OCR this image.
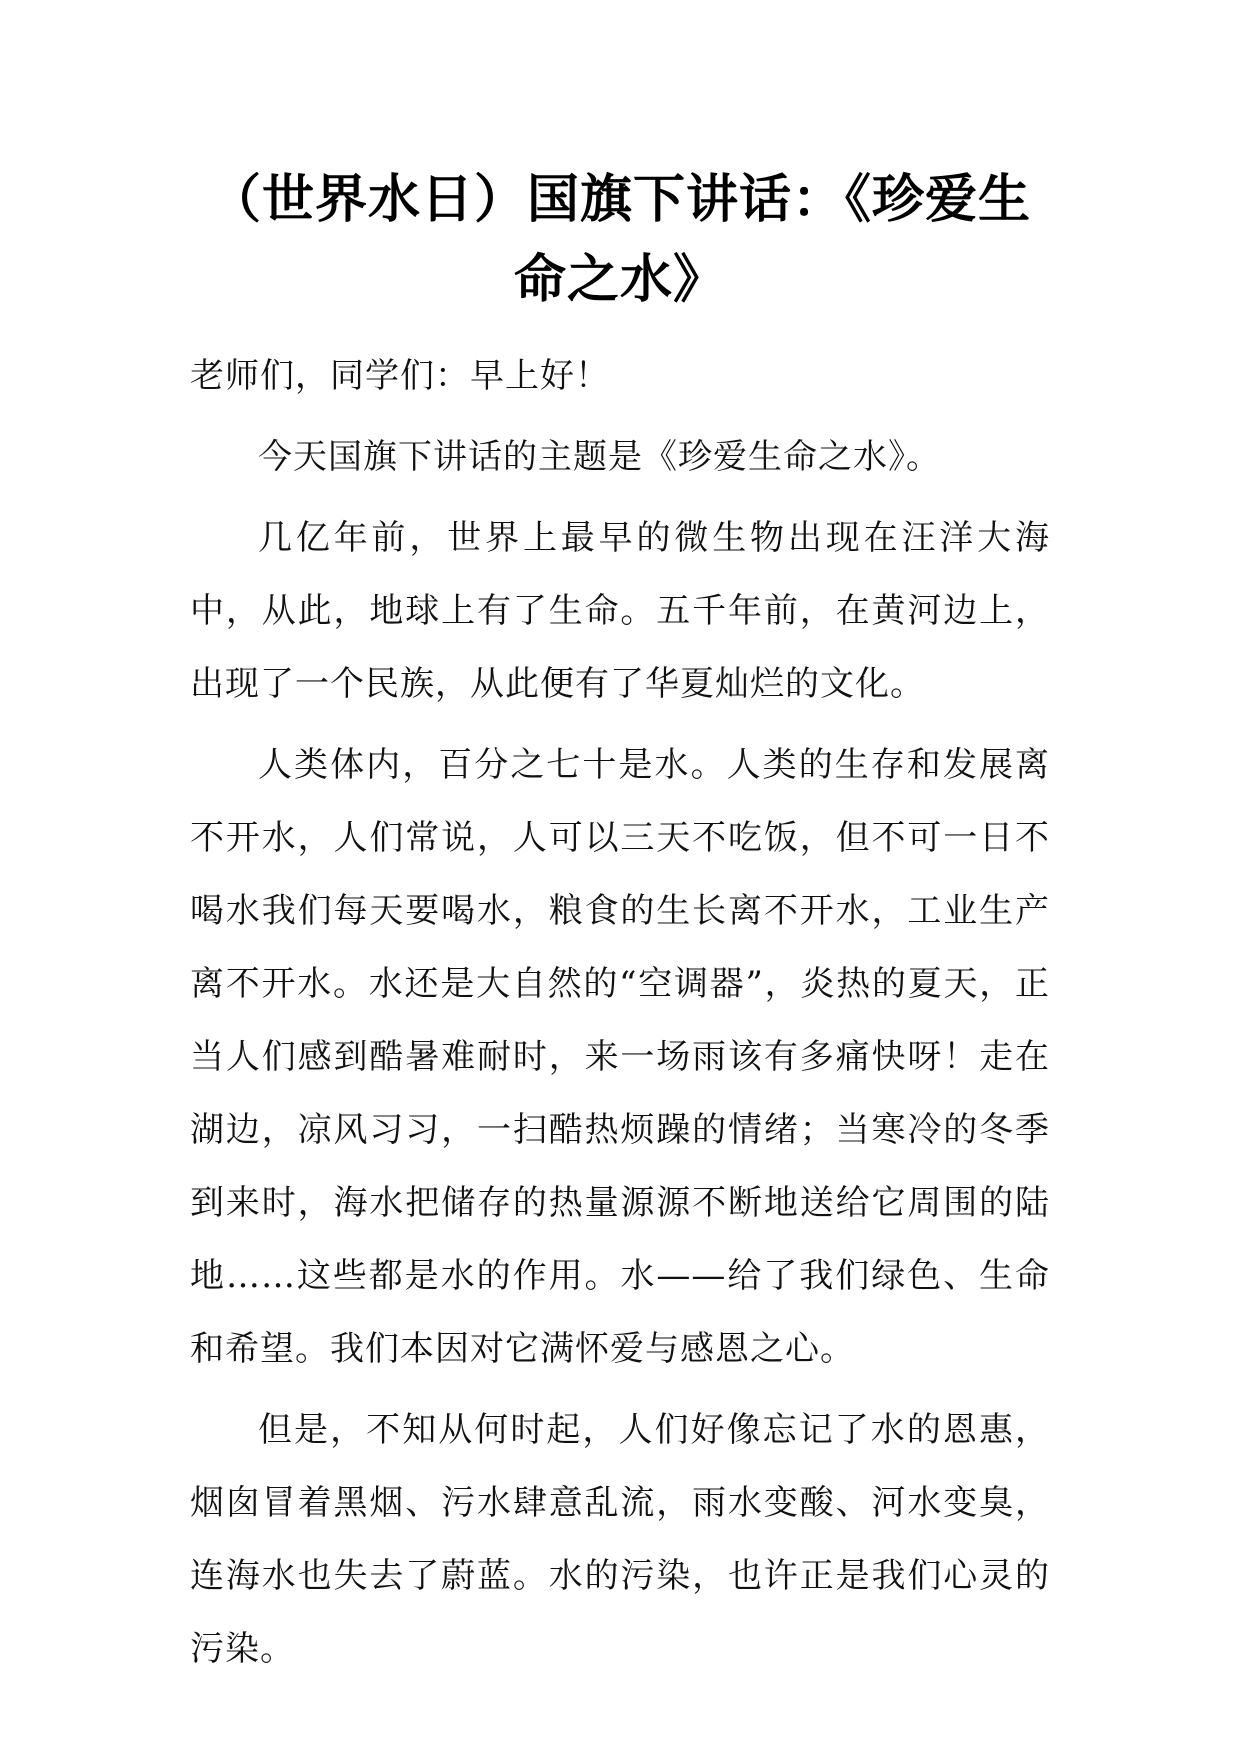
（世界水日）国旗下讲话：《珍爱生命之水》

老师们，同学们：早上好！

今天国旗下讲话的主题是《珍爱生命之水》。

几亿年前，世界上最早的微生物出现在汪洋大海中，从此，地球上有了生命。五千年前，在黄河边上，出现了一个民族，从此便有了华夏灿烂的文化。

人类体内，百分之七十是水。人类的生存和发展离不开水，人们常说，人可以三天不吃饭，但不可一日不喝水我们每天要喝水，粮食的生长离不开水，工业生产离不开水。水还是大自然的“空调器”，炎热的夏天，正当人们感到酷暑难耐时，来一场雨该有多痛快呀！走在湖边，凉风习习，一扫酷热烦躁的情绪；当寒冷的冬季到来时，海水把储存的热量源源不断地送给它周围的陆地……这些都是水的作用。水——给了我们绿色、生命和希望。我们本因对它满怀爱与感恩之心。

但是，不知从何时起，人们好像忘记了水的恩惠，烟囱冒着黑烟、污水肆意乱流，雨水变酸、河水变臭，连海水也失去了蔚蓝。水的污染，也许正是我们心灵的污染。
